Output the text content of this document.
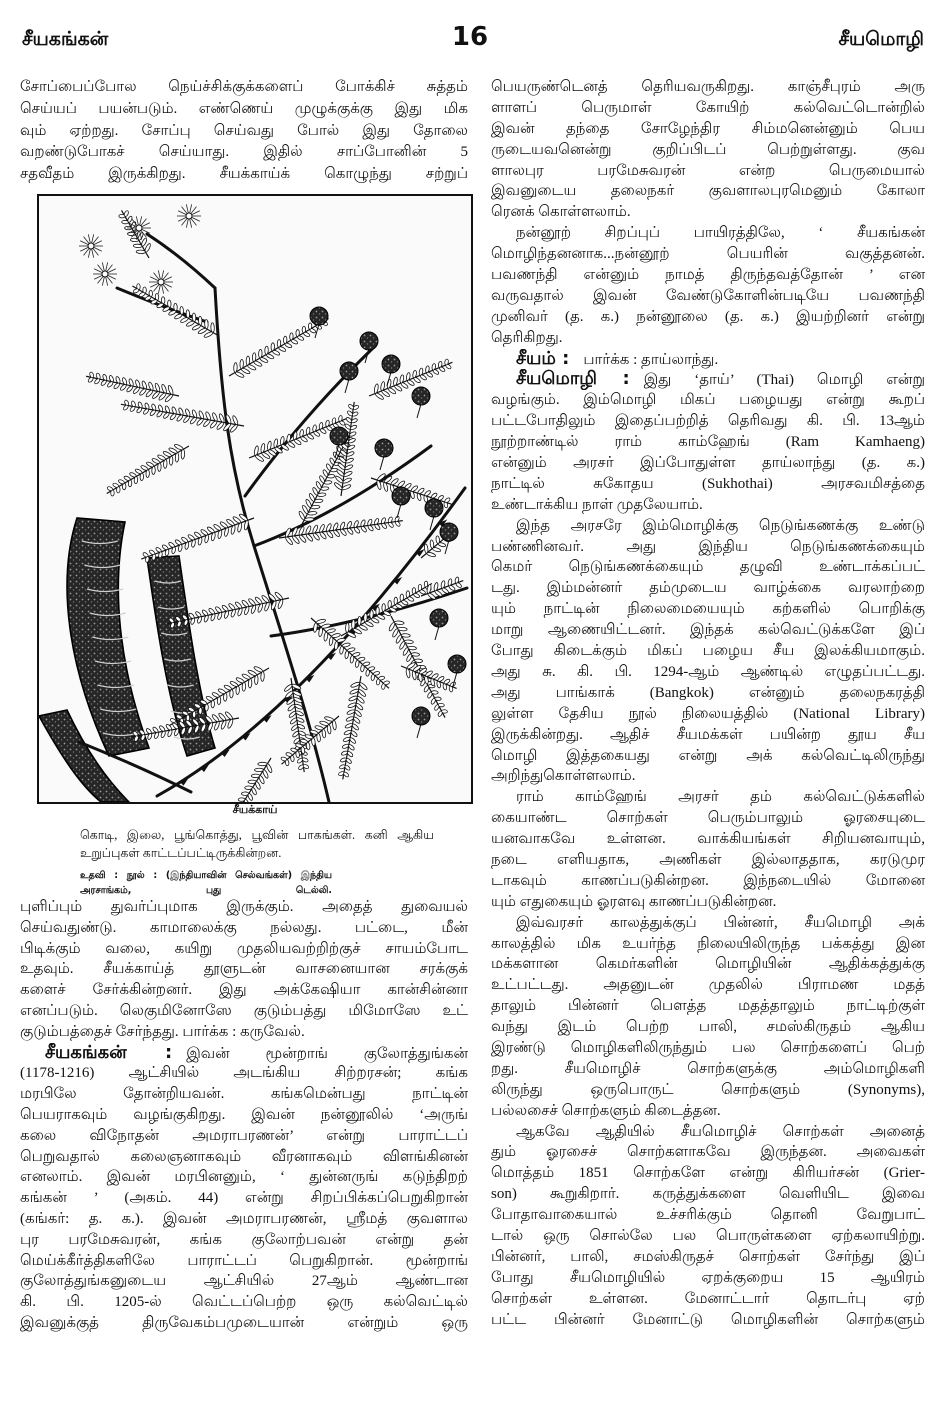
சீயகங்கன்	16	சீயமொழி
சோப்பைப்போல நெய்ச்சிக்குக்களைப் போக்கிச் சுத்தம்
செய்யப் பயன்படும். எண்ணெய் முழுக்குக்கு இது மிக
வும் ஏற்றது. சோப்பு செய்வது போல் இது தோலை
வறண்டுபோகச் செய்யாது. இதில் சாப்போனின் 5
சதவீதம் இருக்கிறது. சீயக்காய்க் கொழுந்து சற்றுப்
சீயக்காய்
கொடி, இலை, பூங்கொத்து, பூவின் பாகங்கள். கனி ஆகிய
உறுப்புகள் காட்டப்பட்டிருக்கின்றன.
உதவி : நூல் : (இந்தியாவின் செல்வங்கள்) இந்திய
அரசாங்கம், புது டெல்லி.
புளிப்பும் துவர்ப்புமாக இருக்கும். அதைத் துவையல்
செய்வதுண்டு. காமாலைக்கு நல்லது. பட்டை, மீன்
பிடிக்கும் வலை, கயிறு முதலியவற்றிற்குச் சாயம்போட
உதவும். சீயக்காய்த் தூளுடன் வாசனையான சரக்குக்
களைச் சேர்க்கின்றனர். இது அக்கேஷியா கான்சின்னா
எனப்படும். லெகுமினோஸே குடும்பத்து மிமோஸே உட்
குடும்பத்தைச் சேர்ந்தது. பார்க்க : கருவேல்.
சீயகங்கன் : இவன் மூன்றாங் குலோத்துங்கன்
(1178-1216) ஆட்சியில் அடங்கிய சிற்றரசன்; கங்க
மரபிலே தோன்றியவன். கங்கமென்பது நாட்டின்
பெயராகவும் வழங்குகிறது. இவன் நன்னூலில் ‘அருங்
கலை விநோதன் அமராபரணன்’ என்று பாராட்டப்
பெறுவதால் கலைஞனாகவும் வீரனாகவும் விளங்கினன்
எனலாம். இவன் மரபினனும், ‘ துன்னருங் கடுந்திறற்
கங்கன் ’ (அகம். 44) என்று சிறப்பிக்கப்பெறுகிறான்
(கங்கர்: த. க.). இவன் அமராபரணன், ஸ்ரீமத் குவளால
புர பரமேசுவரன், கங்க குலோற்பவன் என்று தன்
மெய்க்கீர்த்திகளிலே பாராட்டப் பெறுகிறான். மூன்றாங்
குலோத்துங்கனுடைய ஆட்சியில் 27ஆம் ஆண்டான
கி. பி. 1205-ல் வெட்டப்பெற்ற ஒரு கல்வெட்டில்
இவனுக்குத் திருவேகம்பமுடையான் என்றும் ஒரு
பெயருண்டெனத் தெரியவருகிறது. காஞ்சீபுரம் அரு
ளாளப் பெருமாள் கோயிற் கல்வெட்டொன்றில்
இவன் தந்தை சோழேந்திர சிம்மனென்னும் பெய
ருடையவனென்று குறிப்பிடப் பெற்றுள்ளது. குவ
ளாலபுர பரமேசுவரன் என்ற பெருமையால்
இவனுடைய தலைநகர் குவளாலபுரமெனும் கோலா
ரெனக் கொள்ளலாம்.
நன்னூற் சிறப்புப் பாயிரத்திலே, ‘ சீயகங்கன்
மொழிந்தனனாக...நன்னூற் பெயரின் வகுத்தனன்.
பவணந்தி என்னும் நாமத் திருந்தவத்தோன் ’ என
வருவதால் இவன் வேண்டுகோளின்படியே பவணந்தி
முனிவர் (த. க.) நன்னூலை (த. க.) இயற்றினர் என்று
தெரிகிறது.
சீயம் : பார்க்க : தாய்லாந்து.
சீயமொழி : இது ‘தாய்’ (Thai) மொழி என்று
வழங்கும். இம்மொழி மிகப் பழையது என்று கூறப்
பட்டபோதிலும் இதைப்பற்றித் தெரிவது கி. பி. 13ஆம்
நூற்றாண்டில் ராம் காம்ஹேங் (Ram Kamhaeng)
என்னும் அரசர் இப்போதுள்ள தாய்லாந்து (த. க.)
நாட்டில் சுகோதய (Sukhothai) அரசவமிசத்தை
உண்டாக்கிய நாள் முதலேயாம்.
இந்த அரசரே இம்மொழிக்கு நெடுங்கணக்கு உண்டு
பண்ணினவர். அது இந்திய நெடுங்கணக்கையும்
கெமர் நெடுங்கணக்கையும் தழுவி உண்டாக்கப்பட்
டது. இம்மன்னர் தம்முடைய வாழ்க்கை வரலாற்றை
யும் நாட்டின் நிலைமையையும் கற்களில் பொறிக்கு
மாறு ஆணையிட்டனர். இந்தக் கல்வெட்டுக்களே இப்
போது கிடைக்கும் மிகப் பழைய சீய இலக்கியமாகும்.
அது சு. கி. பி. 1294-ஆம் ஆண்டில் எழுதப்பட்டது.
அது பாங்காக் (Bangkok) என்னும் தலைநகரத்தி
லுள்ள தேசிய நூல் நிலையத்தில் (National Library)
இருக்கின்றது. ஆதிச் சீயமக்கள் பயின்ற தூய சீய
மொழி இத்தகையது என்று அக் கல்வெட்டிலிருந்து
அறிந்துகொள்ளலாம்.
ராம் காம்ஹேங் அரசர் தம் கல்வெட்டுக்களில்
கையாண்ட சொற்கள் பெரும்பாலும் ஓரசையுடை
யனவாகவே உள்ளன. வாக்கியங்கள் சிறியனவாயும்,
நடை எளியதாக, அணிகள் இல்லாததாக, கரடுமுர
டாகவும் காணப்படுகின்றன. இந்நடையில் மோனை
யும் எதுகையும் ஓரளவு காணப்படுகின்றன.
இவ்வரசர் காலத்துக்குப் பின்னர், சீயமொழி அக்
காலத்தில் மிக உயர்ந்த நிலையிலிருந்த பக்கத்து இன
மக்களான கெமர்களின் மொழியின் ஆதிக்கத்துக்கு
உட்பட்டது. அதனுடன் முதலில் பிராமண மதத்
தாலும் பின்னர் பௌத்த மதத்தாலும் நாட்டிற்குள்
வந்து இடம் பெற்ற பாலி, சமஸ்கிருதம் ஆகிய
இரண்டு மொழிகளிலிருந்தும் பல சொற்களைப் பெற்
றது. சீயமொழிச் சொற்களுக்கு அம்மொழிகளி
லிருந்து ஒருபொருட் சொற்களும் (Synonyms),
பல்லசைச் சொற்களும் கிடைத்தன.
ஆகவே ஆதியில் சீயமொழிச் சொற்கள் அனைத்
தும் ஓரசைச் சொற்களாகவே இருந்தன. அவைகள்
மொத்தம் 1851 சொற்களே என்று கிரியர்சன் (Grier-
son) கூறுகிறார். கருத்துக்களை வெளியிட இவை
போதாவாகையால் உச்சரிக்கும் தொனி வேறுபாட்
டால் ஒரு சொல்லே பல பொருள்களை ஏற்கலாயிற்று.
பின்னர், பாலி, சமஸ்கிருதச் சொற்கள் சேர்ந்து இப்
போது சீயமொழியில் ஏறக்குறைய 15 ஆயிரம்
சொற்கள் உள்ளன. மேனாட்டார் தொடர்பு ஏற்
பட்ட பின்னர் மேனாட்டு மொழிகளின் சொற்களும்
